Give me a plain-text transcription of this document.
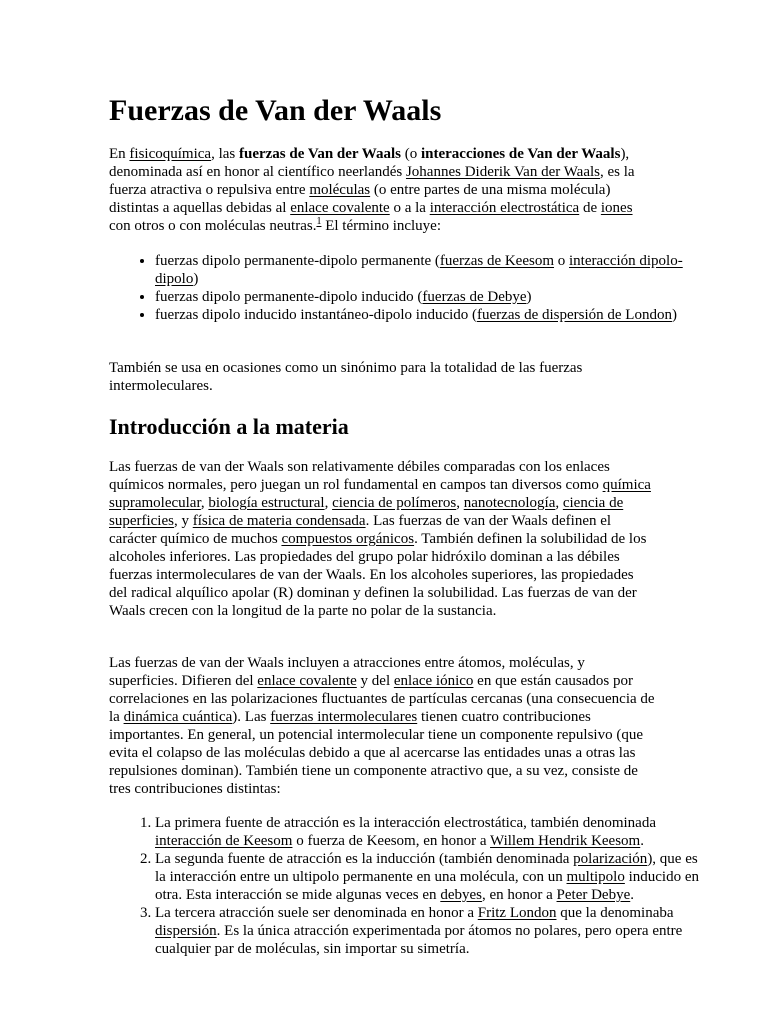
Fuerzas de Van der Waals

En fisicoquímica, las fuerzas de Van der Waals (o interacciones de Van der Waals), denominada así en honor al científico neerlandés Johannes Diderik Van der Waals, es la fuerza atractiva o repulsiva entre moléculas (o entre partes de una misma molécula) distintas a aquellas debidas al enlace covalente o a la interacción electrostática de iones con otros o con moléculas neutras.$^1$ El término incluye:

• fuerzas dipolo permanente-dipolo permanente (fuerzas de Keesom o interacción dipolo-dipolo)
• fuerzas dipolo permanente-dipolo inducido (fuerzas de Debye)
• fuerzas dipolo inducido instantáneo-dipolo inducido (fuerzas de dispersión de London)

También se usa en ocasiones como un sinónimo para la totalidad de las fuerzas intermoleculares.

Introducción a la materia

Las fuerzas de van der Waals son relativamente débiles comparadas con los enlaces químicos normales, pero juegan un rol fundamental en campos tan diversos como química supramolecular, biología estructural, ciencia de polímeros, nanotecnología, ciencia de superficies, y física de materia condensada. Las fuerzas de van der Waals definen el carácter químico de muchos compuestos orgánicos. También definen la solubilidad de los alcoholes inferiores. Las propiedades del grupo polar hidróxilo dominan a las débiles fuerzas intermoleculares de van der Waals. En los alcoholes superiores, las propiedades del radical alquílico apolar (R) dominan y definen la solubilidad. Las fuerzas de van der Waals crecen con la longitud de la parte no polar de la sustancia.

Las fuerzas de van der Waals incluyen a atracciones entre átomos, moléculas, y superficies. Difieren del enlace covalente y del enlace iónico en que están causados por correlaciones en las polarizaciones fluctuantes de partículas cercanas (una consecuencia de la dinámica cuántica). Las fuerzas intermoleculares tienen cuatro contribuciones importantes. En general, un potencial intermolecular tiene un componente repulsivo (que evita el colapso de las moléculas debido a que al acercarse las entidades unas a otras las repulsiones dominan). También tiene un componente atractivo que, a su vez, consiste de tres contribuciones distintas:

1. La primera fuente de atracción es la interacción electrostática, también denominada interacción de Keesom o fuerza de Keesom, en honor a Willem Hendrik Keesom.
2. La segunda fuente de atracción es la inducción (también denominada polarización), que es la interacción entre un ultipolo permanente en una molécula, con un multipolo inducido en otra. Esta interacción se mide algunas veces en debyes, en honor a Peter Debye.
3. La tercera atracción suele ser denominada en honor a Fritz London que la denominaba dispersión. Es la única atracción experimentada por átomos no polares, pero opera entre cualquier par de moléculas, sin importar su simetría.
